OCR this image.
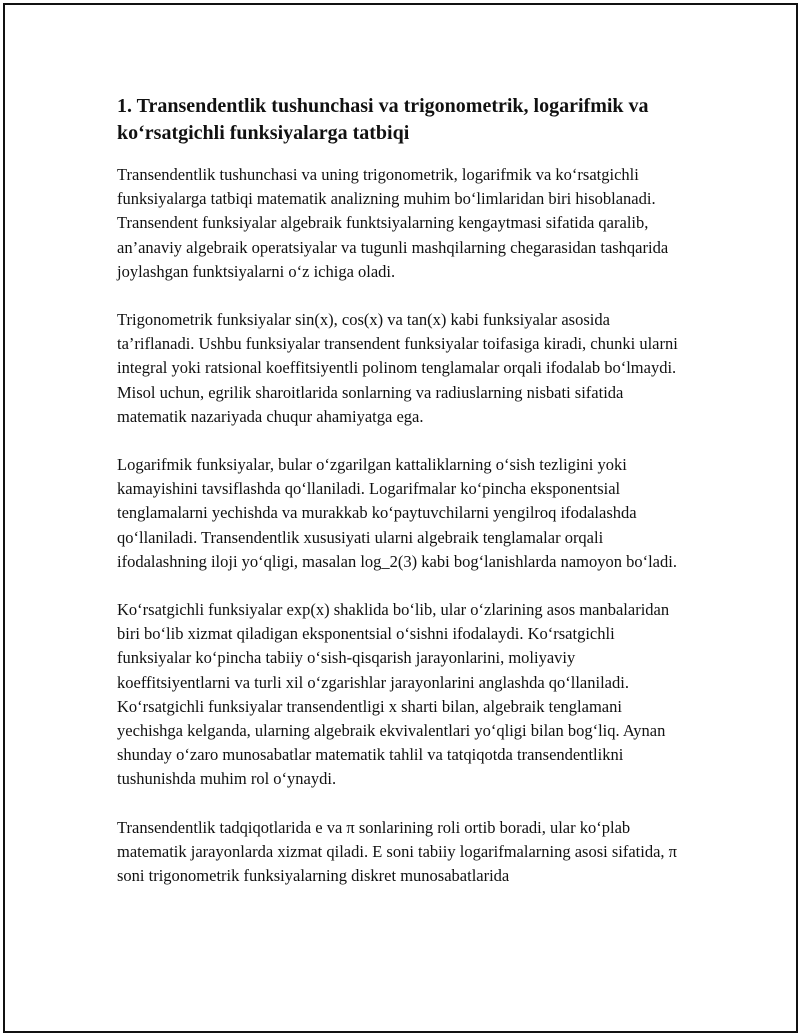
1. Transendentlik tushunchasi va trigonometrik, logarifmik va ko‘rsatgichli funksiyalarga tatbiqi

Transendentlik tushunchasi va uning trigonometrik, logarifmik va ko‘rsatgichli funksiyalarga tatbiqi matematik analizning muhim bo‘limlaridan biri hisoblanadi. Transendent funksiyalar algebraik funktsiyalarning kengaytmasi sifatida qaralib, an’anaviy algebraik operatsiyalar va tugunli mashqilarning chegarasidan tashqarida joylashgan funktsiyalarni o‘z ichiga oladi.

Trigonometrik funksiyalar sin(x), cos(x) va tan(x) kabi funksiyalar asosida ta’riflanadi. Ushbu funksiyalar transendent funksiyalar toifasiga kiradi, chunki ularni integral yoki ratsional koeffitsiyentli polinom tenglamalar orqali ifodalab bo‘lmaydi. Misol uchun, egrilik sharoitlarida sonlarning va radiuslarning nisbati sifatida matematik nazariyada chuqur ahamiyatga ega.

Logarifmik funksiyalar, bular o‘zgarilgan kattaliklarning o‘sish tezligini yoki kamayishini tavsiflashda qo‘llaniladi. Logarifmalar ko‘pincha eksponentsial tenglamalarni yechishda va murakkab ko‘paytuvchilarni yengilroq ifodalashda qo‘llaniladi. Transendentlik xususiyati ularni algebraik tenglamalar orqali ifodalashning iloji yo‘qligi, masalan log_2(3) kabi bog‘lanishlarda namoyon bo‘ladi.

Ko‘rsatgichli funksiyalar exp(x) shaklida bo‘lib, ular o‘zlarining asos manbalaridan biri bo‘lib xizmat qiladigan eksponentsial o‘sishni ifodalaydi. Ko‘rsatgichli funksiyalar ko‘pincha tabiiy o‘sish-qisqarish jarayonlarini, moliyaviy koeffitsiyentlarni va turli xil o‘zgarishlar jarayonlarini anglashda qo‘llaniladi. Ko‘rsatgichli funksiyalar transendentligi x sharti bilan, algebraik tenglamani yechishga kelganda, ularning algebraik ekvivalentlari yo‘qligi bilan bog‘liq. Aynan shunday o‘zaro munosabatlar matematik tahlil va tatqiqotda transendentlikni tushunishda muhim rol o‘ynaydi.

Transendentlik tadqiqotlarida e va π sonlarining roli ortib boradi, ular ko‘plab matematik jarayonlarda xizmat qiladi. E soni tabiiy logarifmalarning asosi sifatida, π soni trigonometrik funksiyalarning diskret munosabatlarida
